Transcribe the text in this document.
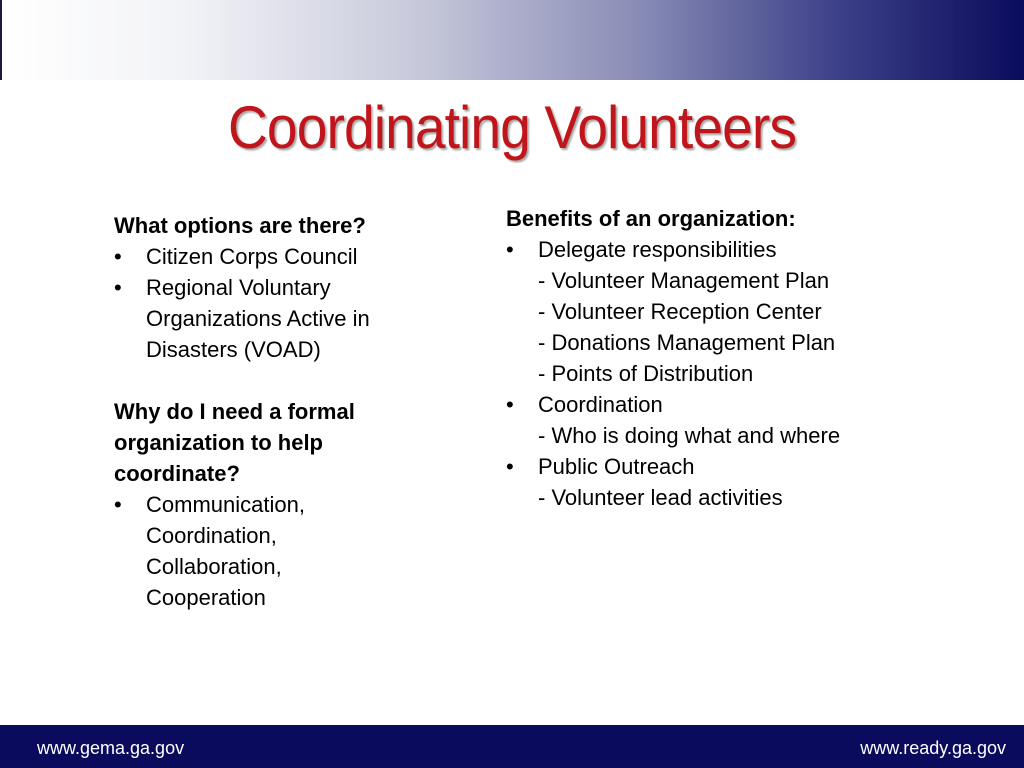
Coordinating Volunteers
What options are there?
•	Citizen Corps Council
•	Regional Voluntary
Organizations Active in
Disasters (VOAD)
Why do I need a formal
organization to help
coordinate?
•	Communication,
Coordination,
Collaboration,
Cooperation
Benefits of an organization:
•	Delegate responsibilities
- Volunteer Management Plan
- Volunteer Reception Center
- Donations Management Plan
- Points of Distribution
•	Coordination
- Who is doing what and where
•	Public Outreach
- Volunteer lead activities
www.gema.ga.gov	www.ready.ga.gov
